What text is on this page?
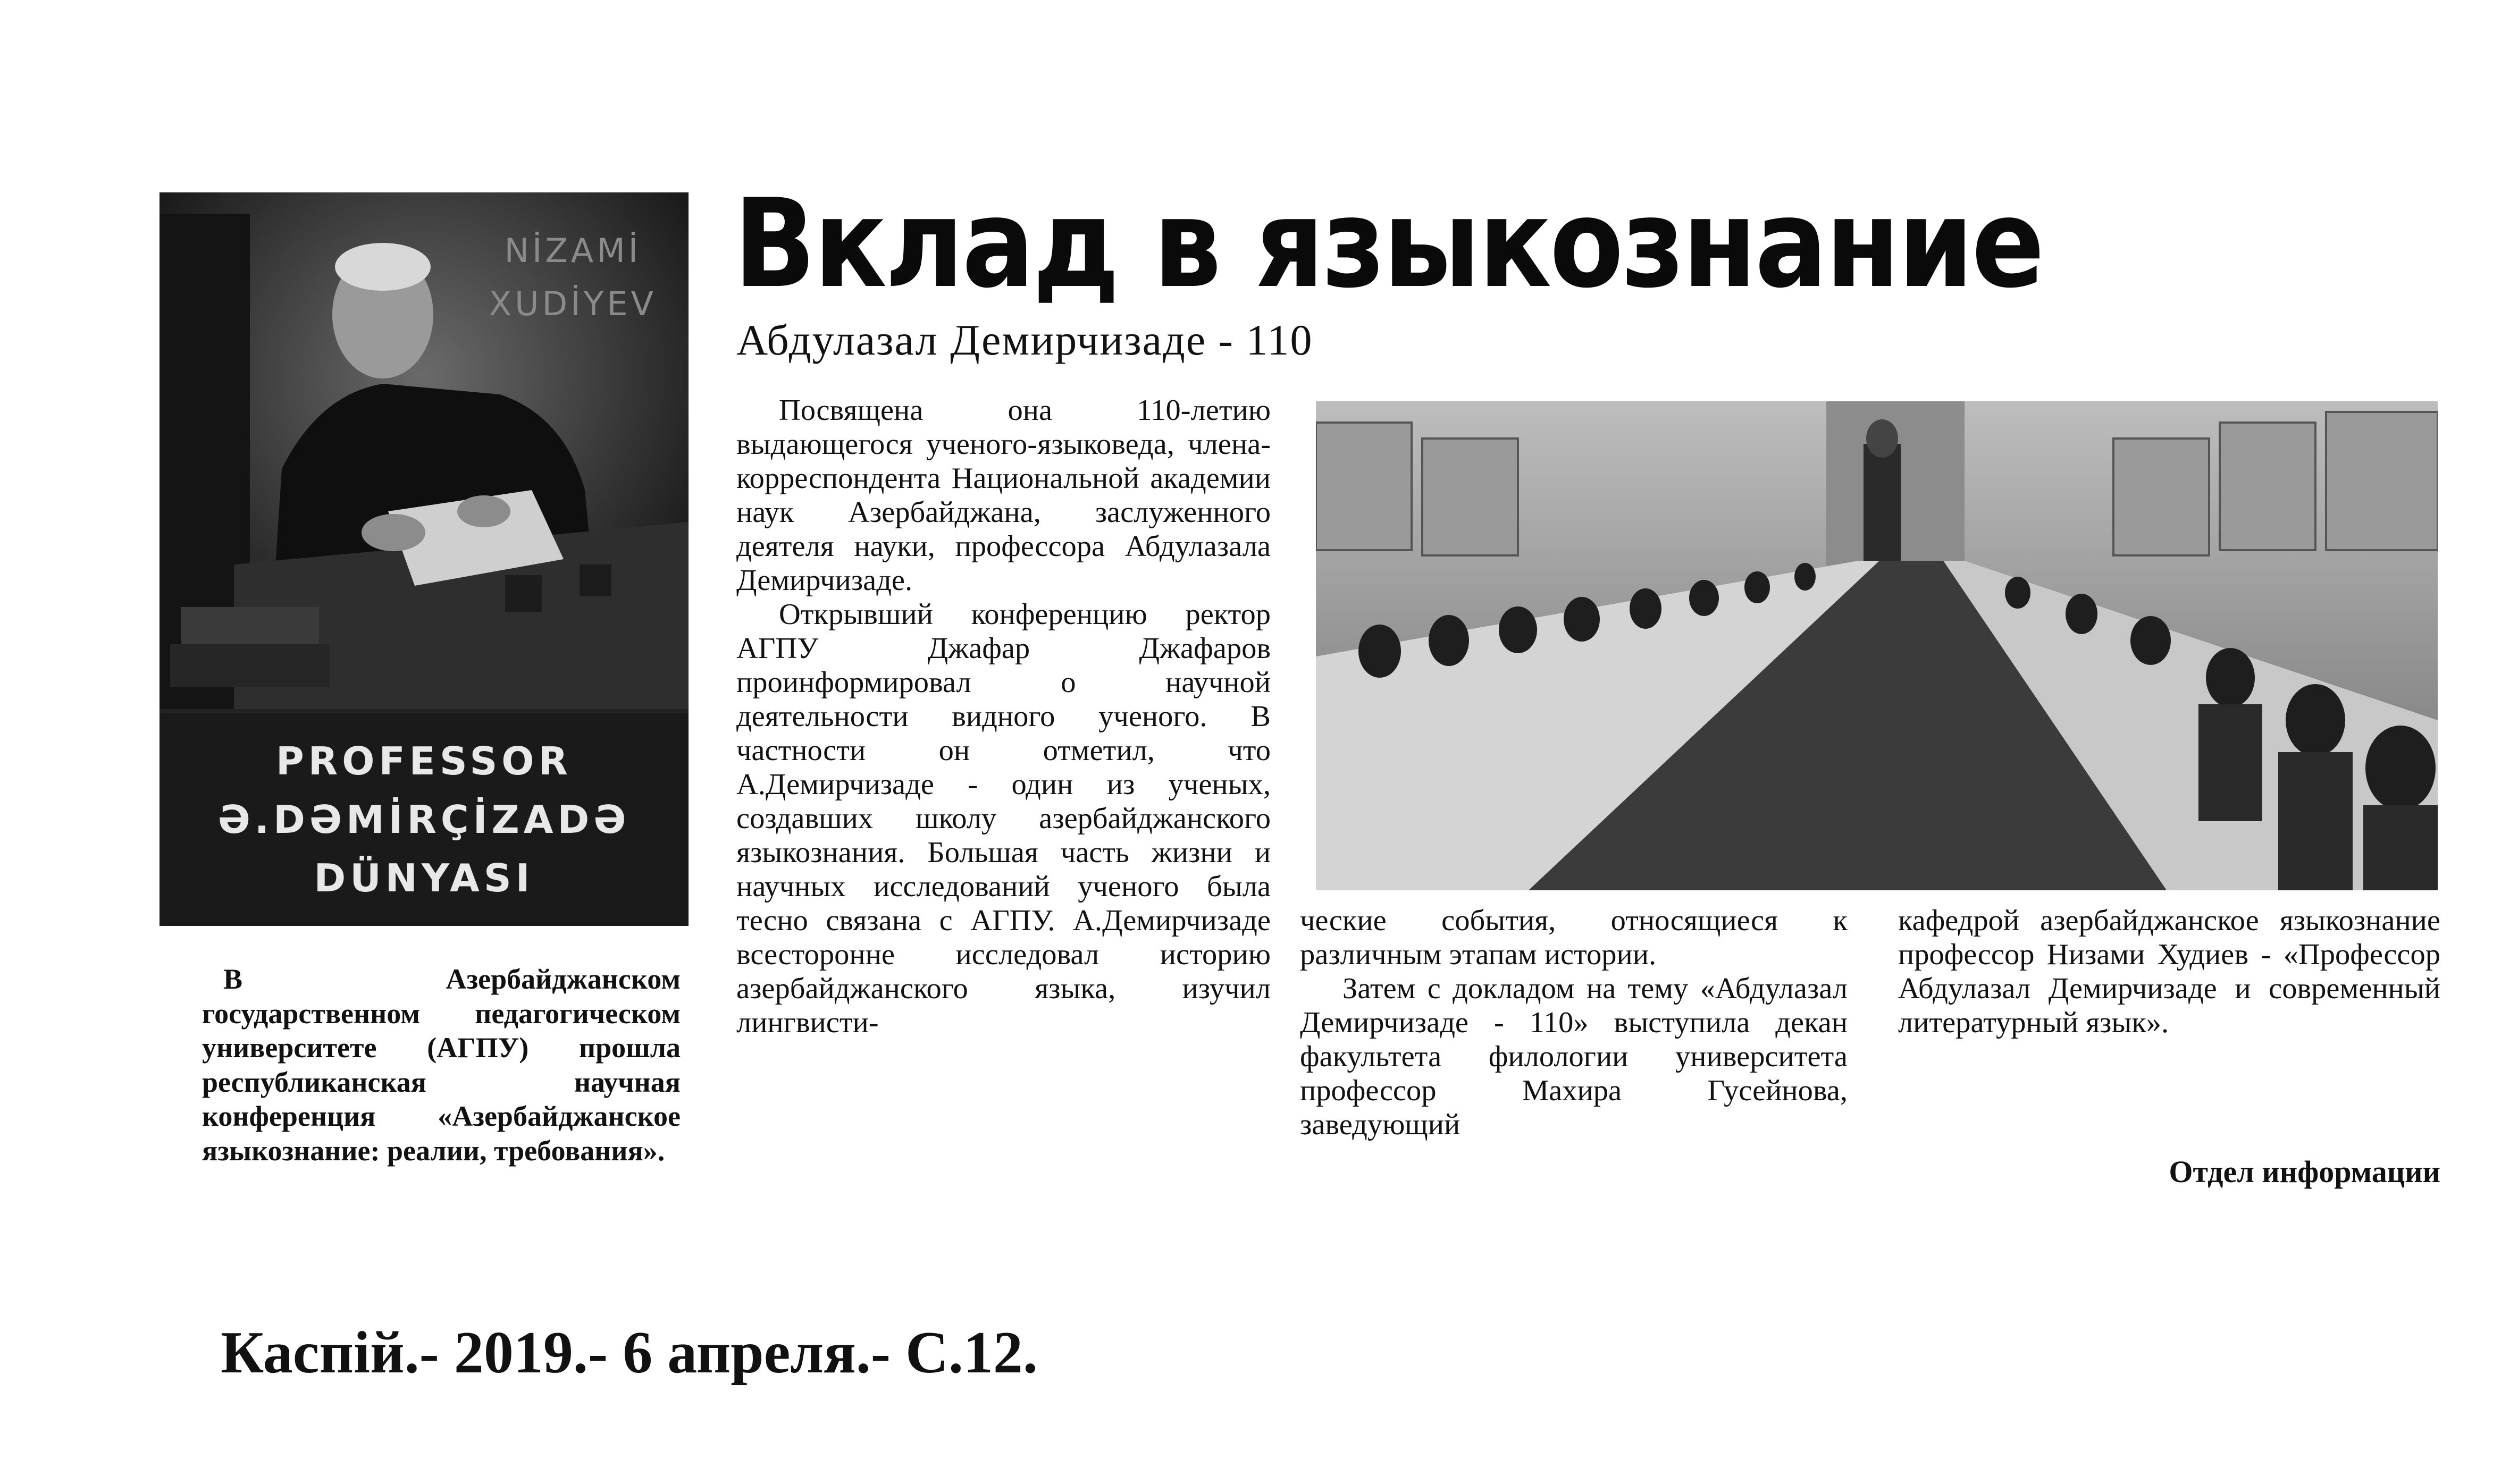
NİZAMİ
XUDİYEV
PROFESSOR
Ə.DƏMİRÇİZADƏ
DÜNYASI
Вклад в языкознание
Абдулазал Демирчизаде - 110

Посвящена она 110-летию выдающегося ученого-языковеда, члена-корреспондента Национальной академии наук Азербайджана, заслуженного деятеля науки, профессора Абдулазала Демирчизаде.

Открывший конференцию ректор АГПУ Джафар Джафаров проинформировал о научной деятельности видного ученого. В частности он отметил, что А.Демирчизаде - один из ученых, создавших школу азербайджанского языкознания. Большая часть жизни и научных исследований ученого была тесно связана с АГПУ. А.Демирчизаде всесторонне исследовал историю азербайджанского языка, изучил лингвисти-

В Азербайджанском государственном педагогическом университете (АГПУ) прошла республиканская научная конференция «Азербайджанское языкознание: реалии, требования».

ческие события, относящиеся к различным этапам истории.

Затем с докладом на тему «Абдулазал Демирчизаде - 110» выступила декан факультета филологии университета профессор Махира Гусейнова, заведующий

кафедрой азербайджанское языкознание профессор Низами Худиев - «Профессор Абдулазал Демирчизаде и современный литературный язык».

Отдел информации
Каспiй.- 2019.- 6 апреля.- С.12.
